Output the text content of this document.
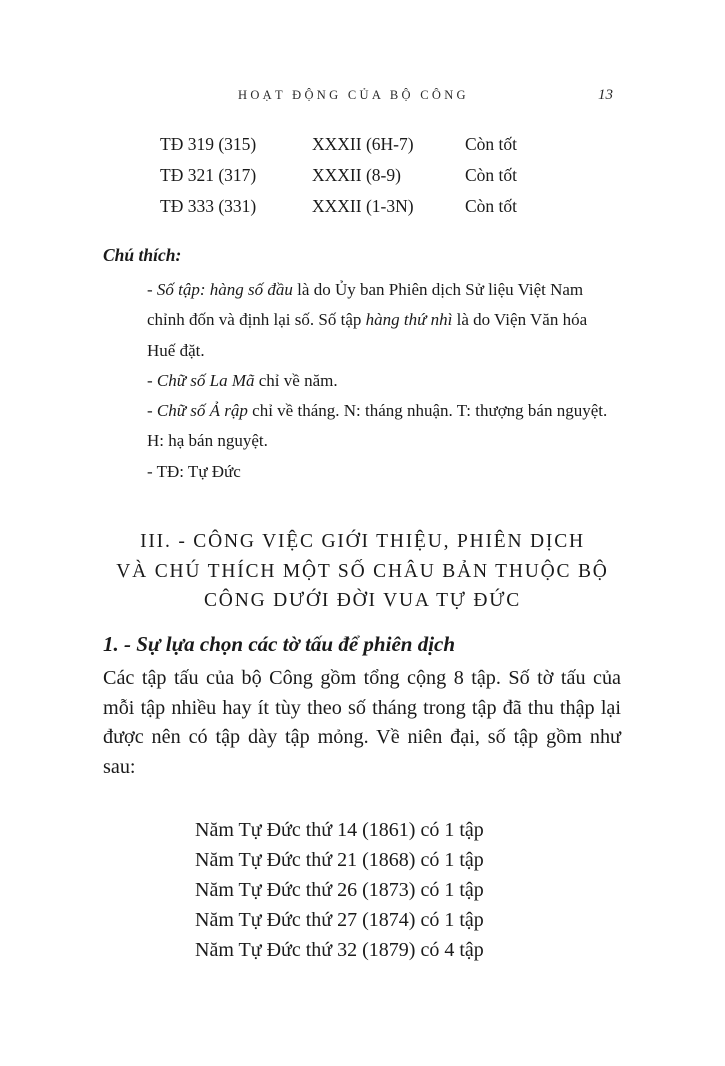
HOẠT ĐỘNG CỦA BỘ CÔNG	13
TĐ 319 (315)	XXXII (6H-7)	Còn tốt
TĐ 321 (317)	XXXII (8-9)	Còn tốt
TĐ 333 (331)	XXXII (1-3N)	Còn tốt
Chú thích:
- Số tập: hàng số đầu là do Ủy ban Phiên dịch Sử liệu Việt Nam chỉnh đốn và định lại số. Số tập hàng thứ nhì là do Viện Văn hóa Huế đặt.
- Chữ số La Mã chỉ về năm.
- Chữ số Ả rập chỉ về tháng. N: tháng nhuận. T: thượng bán nguyệt. H: hạ bán nguyệt.
- TĐ: Tự Đức
III. - CÔNG VIỆC GIỚI THIỆU, PHIÊN DỊCH
VÀ CHÚ THÍCH MỘT SỐ CHÂU BẢN THUỘC BỘ
CÔNG DƯỚI ĐỜI VUA TỰ ĐỨC
1. - Sự lựa chọn các tờ tấu để phiên dịch
Các tập tấu của bộ Công gồm tổng cộng 8 tập. Số tờ tấu của mỗi tập nhiều hay ít tùy theo số tháng trong tập đã thu thập lại được nên có tập dày tập mỏng. Về niên đại, số tập gồm như sau:
Năm Tự Đức thứ 14 (1861) có 1 tập
Năm Tự Đức thứ 21 (1868) có 1 tập
Năm Tự Đức thứ 26 (1873) có 1 tập
Năm Tự Đức thứ 27 (1874) có 1 tập
Năm Tự Đức thứ 32 (1879) có 4 tập
